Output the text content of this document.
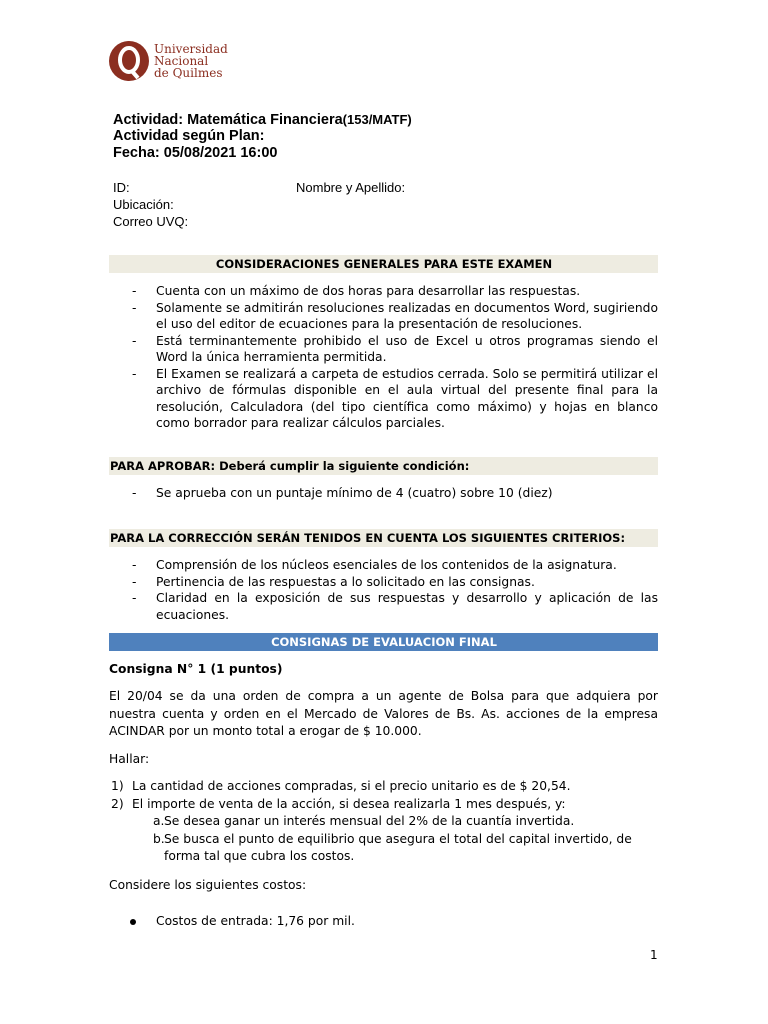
Universidad
Nacional
de Quilmes
Actividad: Matemática Financiera(153/MATF)
Actividad según Plan:
Fecha: 05/08/2021 16:00
ID:	Nombre y Apellido:
Ubicación:
Correo UVQ:
CONSIDERACIONES GENERALES PARA ESTE EXAMEN
- Cuenta con un máximo de dos horas para desarrollar las respuestas.
- Solamente se admitirán resoluciones realizadas en documentos Word, sugiriendo el uso del editor de ecuaciones para la presentación de resoluciones.
- Está terminantemente prohibido el uso de Excel u otros programas siendo el Word la única herramienta permitida.
- El Examen se realizará a carpeta de estudios cerrada. Solo se permitirá utilizar el archivo de fórmulas disponible en el aula virtual del presente final para la resolución, Calculadora (del tipo científica como máximo) y hojas en blanco como borrador para realizar cálculos parciales.
PARA APROBAR: Deberá cumplir la siguiente condición:
- Se aprueba con un puntaje mínimo de 4 (cuatro) sobre 10 (diez)
PARA LA CORRECCIÓN SERÁN TENIDOS EN CUENTA LOS SIGUIENTES CRITERIOS:
- Comprensión de los núcleos esenciales de los contenidos de la asignatura.
- Pertinencia de las respuestas a lo solicitado en las consignas.
- Claridad en la exposición de sus respuestas y desarrollo y aplicación de las ecuaciones.
CONSIGNAS DE EVALUACION FINAL
Consigna N° 1 (1 puntos)
El 20/04 se da una orden de compra a un agente de Bolsa para que adquiera por nuestra cuenta y orden en el Mercado de Valores de Bs. As. acciones de la empresa ACINDAR por un monto total a erogar de $ 10.000.
Hallar:
1) La cantidad de acciones compradas, si el precio unitario es de $ 20,54.
2) El importe de venta de la acción, si desea realizarla 1 mes después, y:
a. Se desea ganar un interés mensual del 2% de la cuantía invertida.
b. Se busca el punto de equilibrio que asegura el total del capital invertido, de forma tal que cubra los costos.
Considere los siguientes costos:
Costos de entrada: 1,76 por mil.
1
